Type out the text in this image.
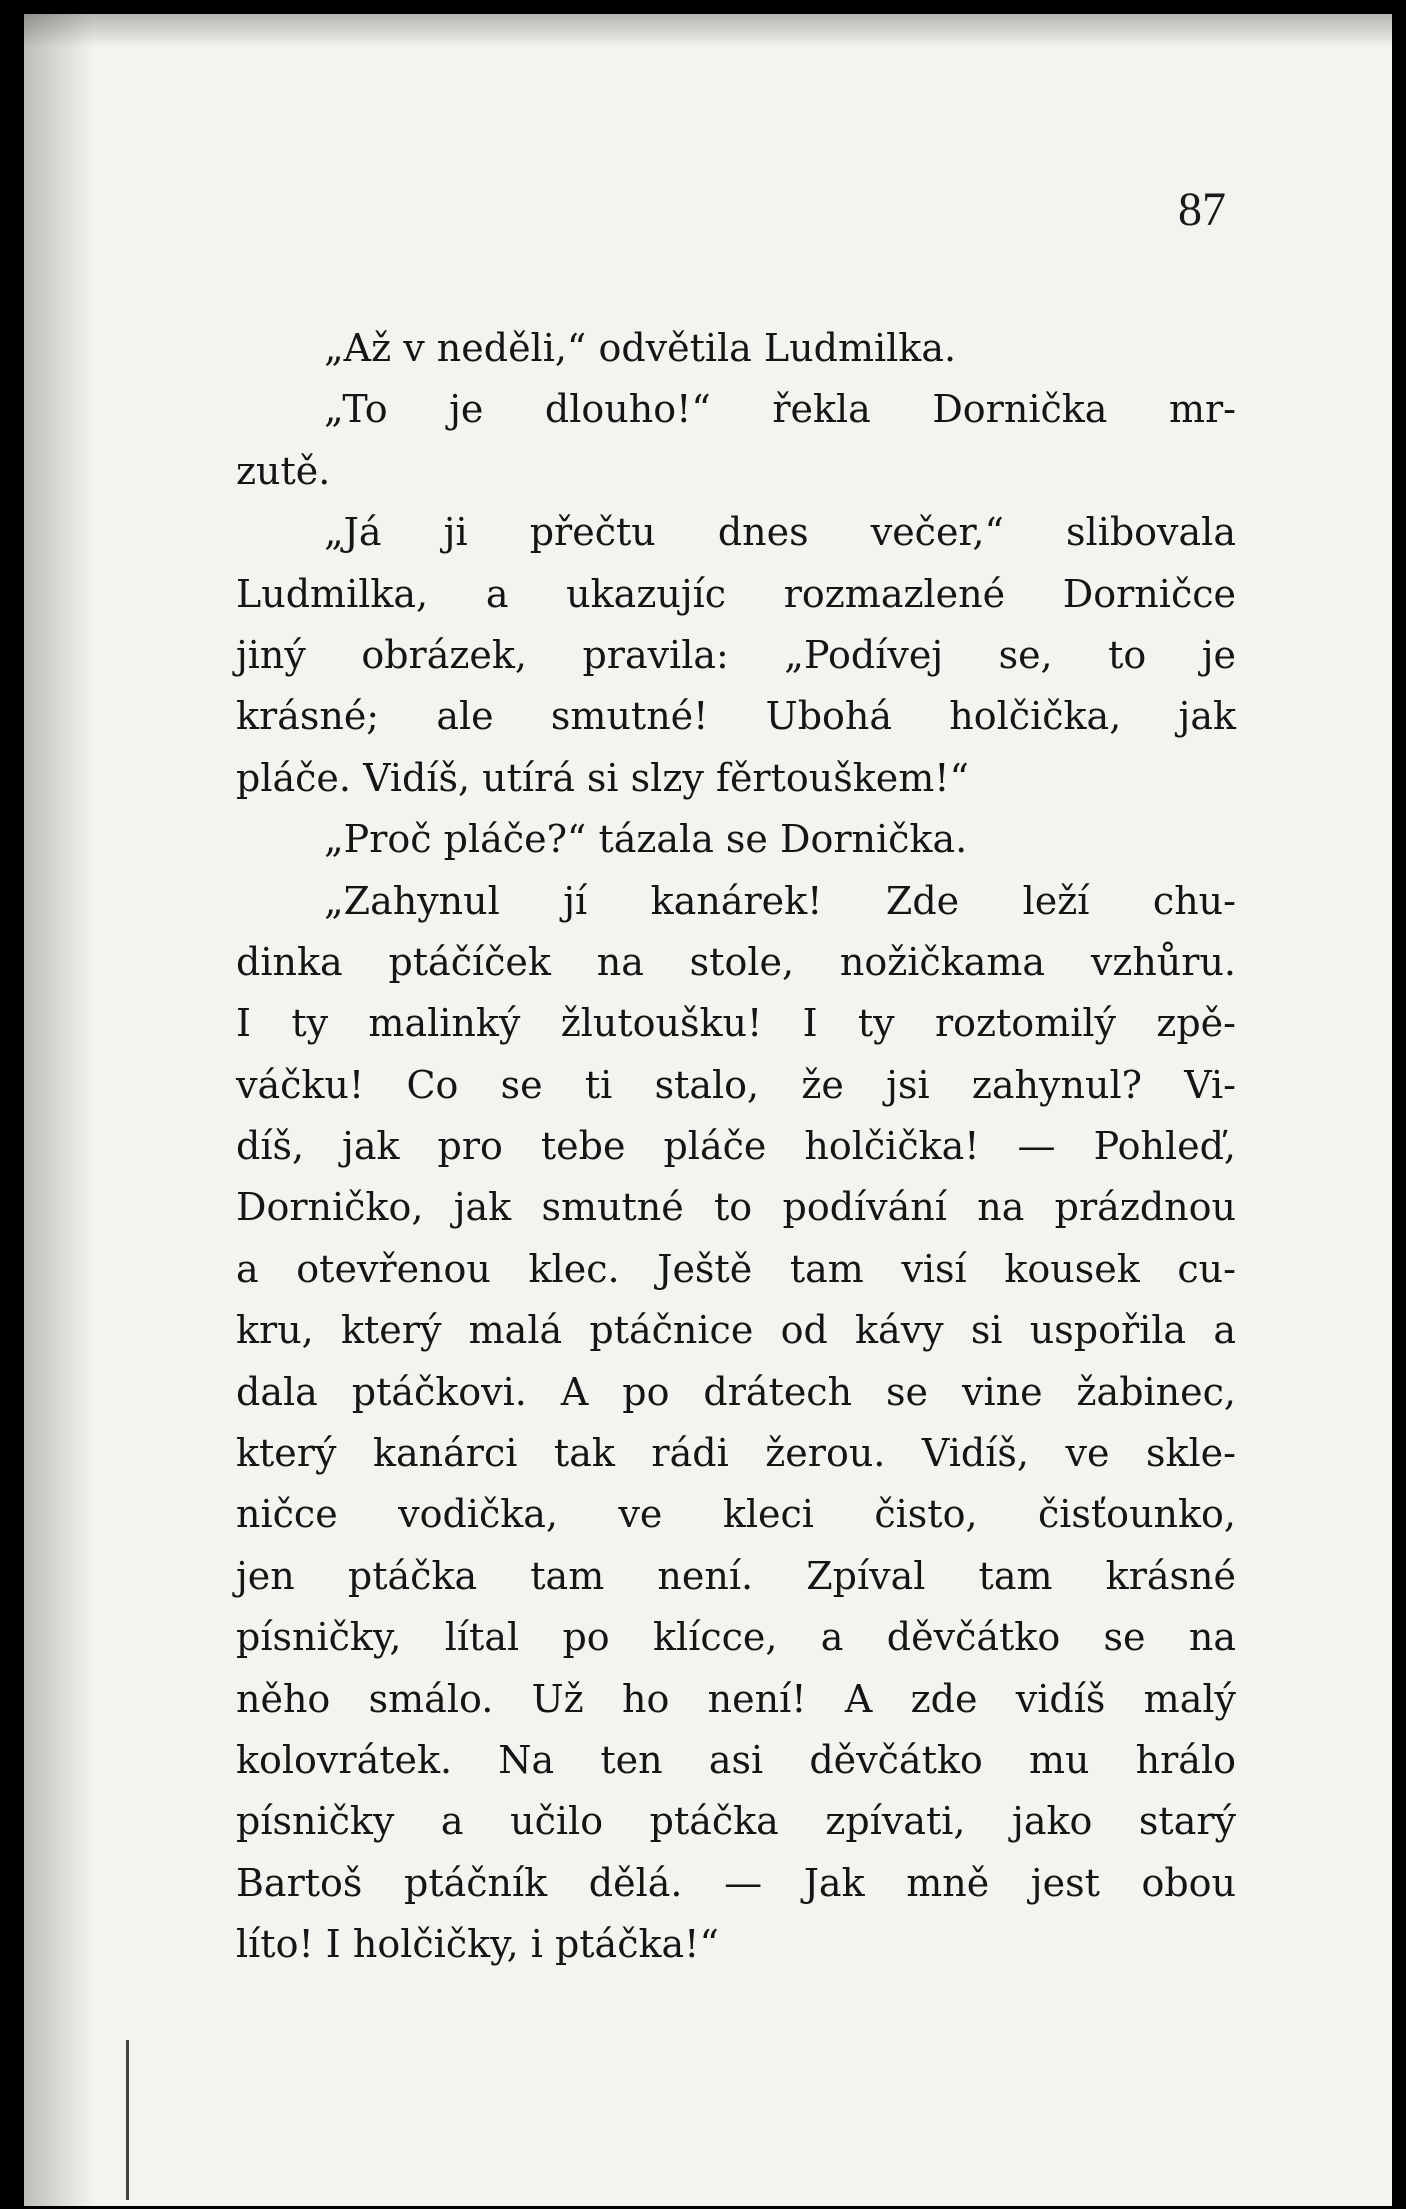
87
„Až v neděli,“ odvětila Ludmilka.
„To je dlouho!“ řekla Dornička mr-
zutě.
„Já ji přečtu dnes večer,“ slibovala
Ludmilka, a ukazujíc rozmazlené Dorničce
jiný obrázek, pravila: „Podívej se, to je
krásné; ale smutné! Ubohá holčička, jak
pláče. Vidíš, utírá si slzy fěrtouškem!“
„Proč pláče?“ tázala se Dornička.
„Zahynul jí kanárek! Zde leží chu-
dinka ptáčíček na stole, nožičkama vzhůru.
I ty malinký žlutoušku! I ty roztomilý zpě-
váčku! Co se ti stalo, že jsi zahynul? Vi-
díš, jak pro tebe pláče holčička! — Pohleď,
Dorničko, jak smutné to podívání na prázdnou
a otevřenou klec. Ještě tam visí kousek cu-
kru, který malá ptáčnice od kávy si uspořila a
dala ptáčkovi. A po drátech se vine žabinec,
který kanárci tak rádi žerou. Vidíš, ve skle-
ničce vodička, ve kleci čisto, čisťounko,
jen ptáčka tam není. Zpíval tam krásné
písničky, lítal po klícce, a děvčátko se na
něho smálo. Už ho není! A zde vidíš malý
kolovrátek. Na ten asi děvčátko mu hrálo
písničky a učilo ptáčka zpívati, jako starý
Bartoš ptáčník dělá. — Jak mně jest obou
líto! I holčičky, i ptáčka!“
